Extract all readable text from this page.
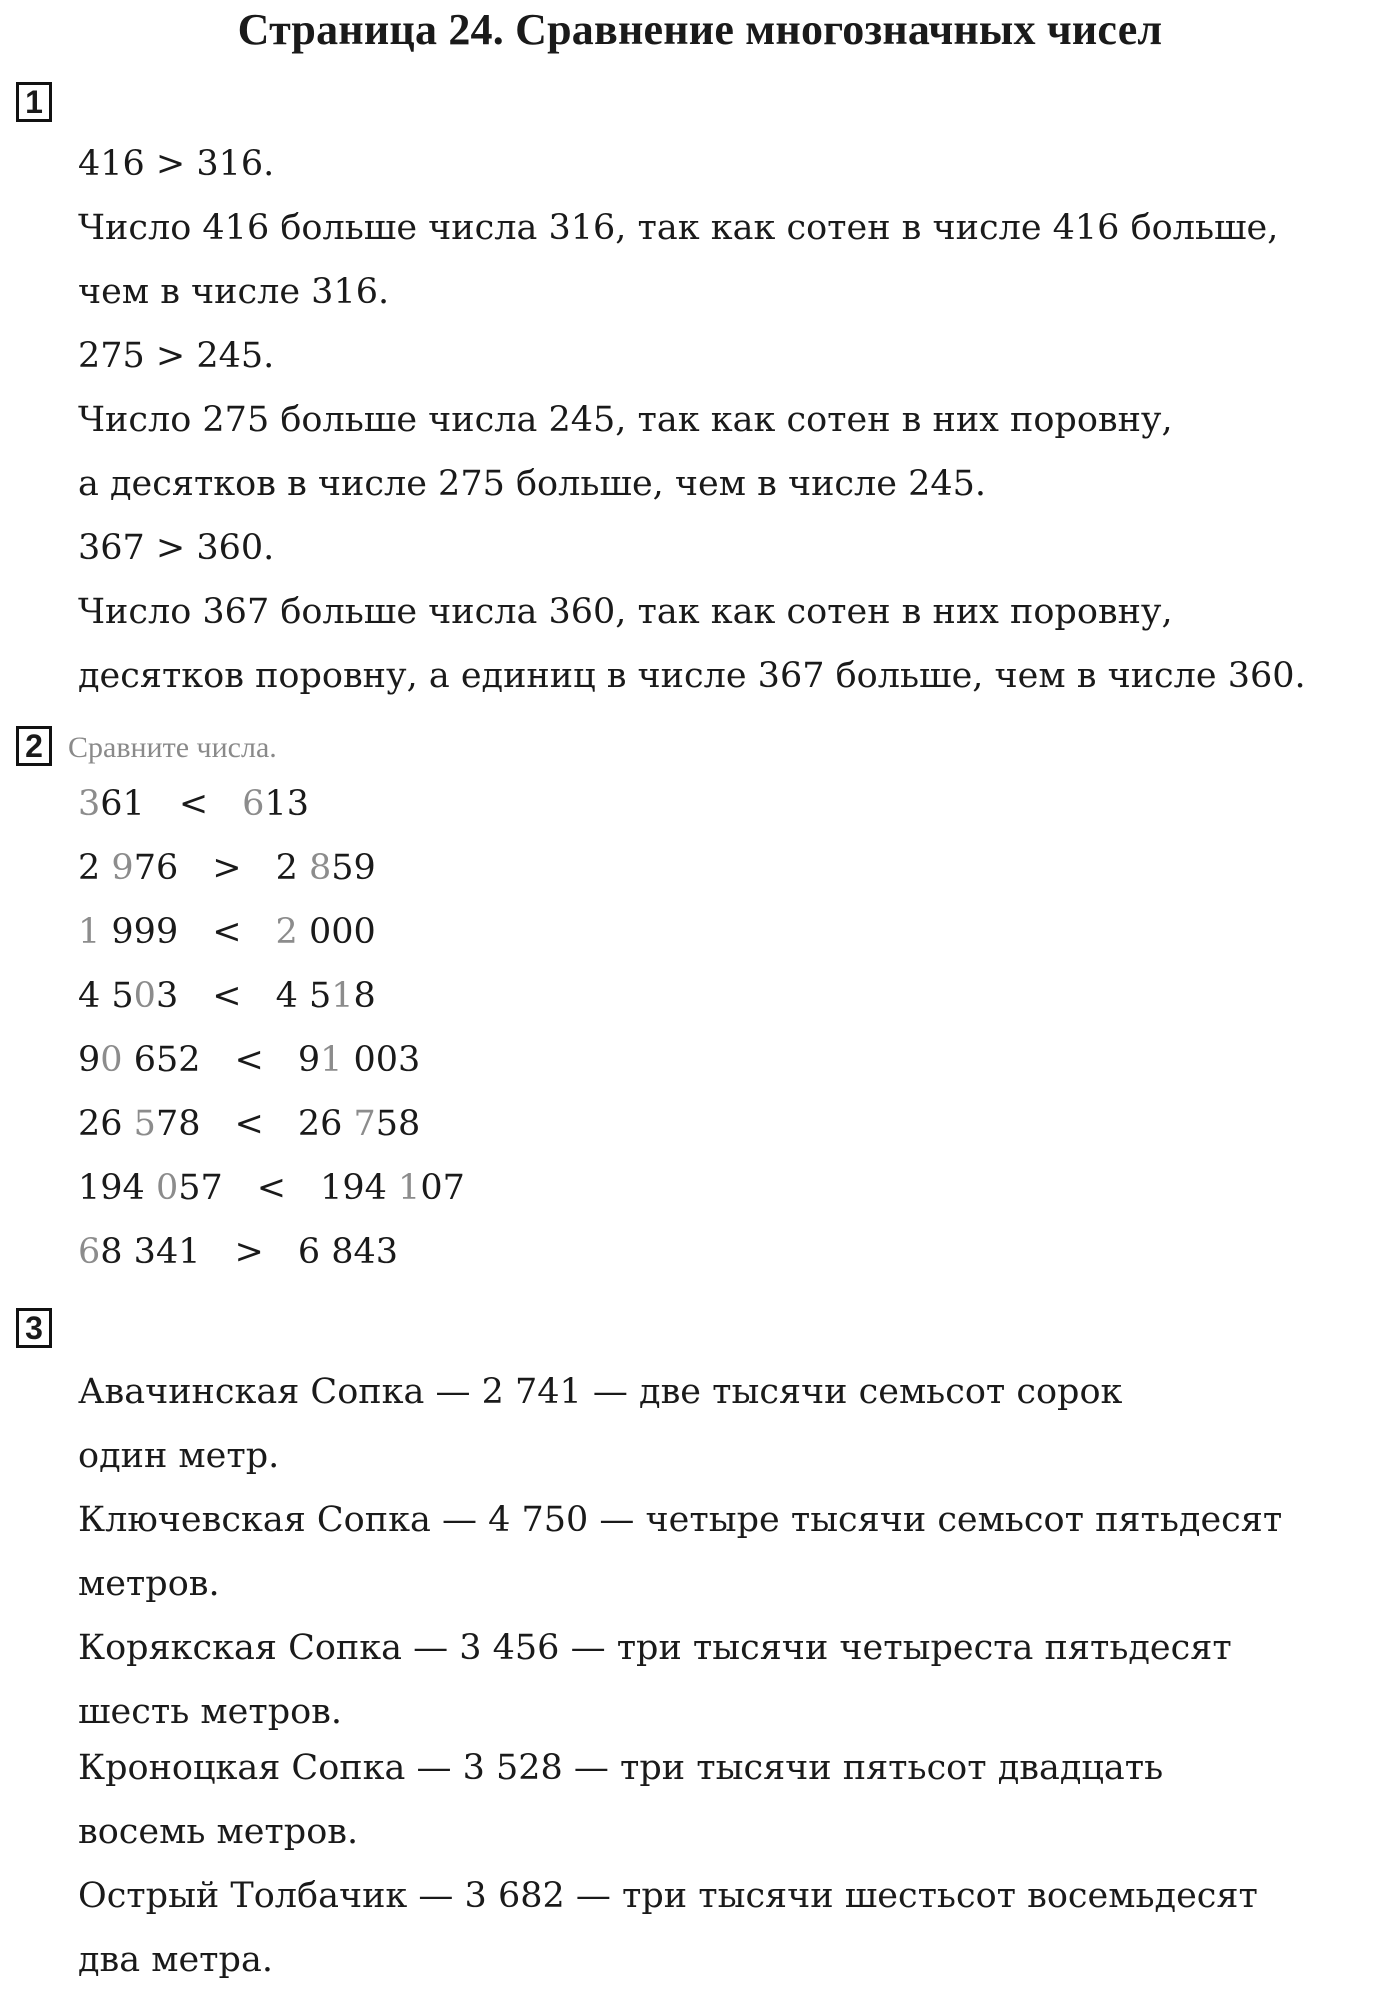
Страница 24. Сравнение многозначных чисел
1
416 > 316.
Число 416 больше числа 316, так как сотен в числе 416 больше,
чем в числе 316.
275 > 245.
Число 275 больше числа 245, так как сотен в них поровну,
а десятков в числе 275 больше, чем в числе 245.
367 > 360.
Число 367 больше числа 360, так как сотен в них поровну,
десятков поровну, а единиц в числе 367 больше, чем в числе 360.
2 Сравните числа.
361 < 613
2 976 > 2 859
1 999 < 2 000
4 503 < 4 518
90 652 < 91 003
26 578 < 26 758
194 057 < 194 107
68 341 > 6 843
3
Авачинская Сопка — 2 741 — две тысячи семьсот сорок
один метр.
Ключевская Сопка — 4 750 — четыре тысячи семьсот пятьдесят
метров.
Корякская Сопка — 3 456 — три тысячи четыреста пятьдесят
шесть метров.
Кроноцкая Сопка — 3 528 — три тысячи пятьсот двадцать
восемь метров.
Острый Толбачик — 3 682 — три тысячи шестьсот восемьдесят
два метра.
